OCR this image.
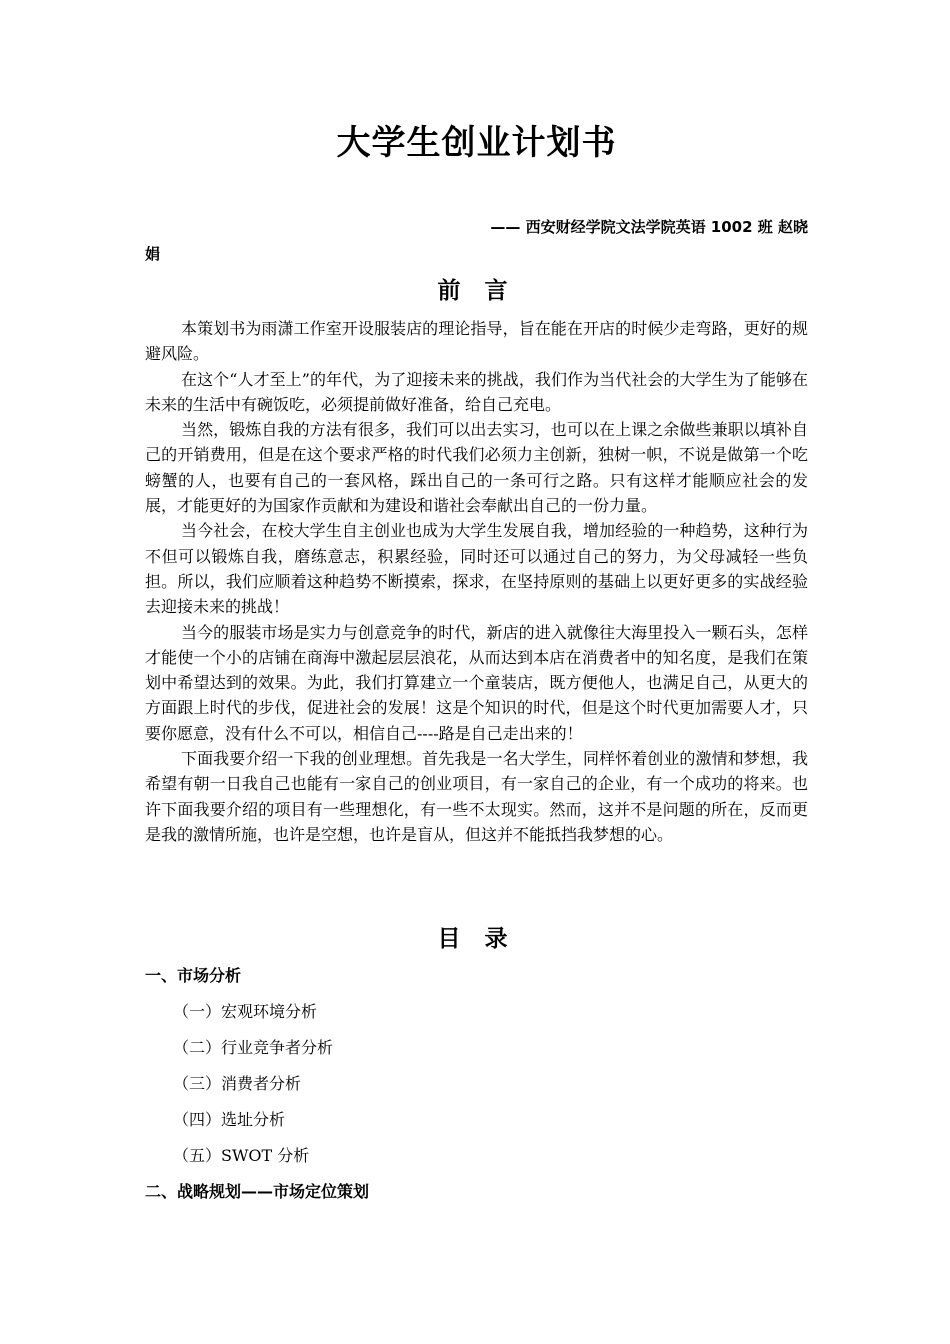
大学生创业计划书
—— 西安财经学院文法学院英语 1002 班 赵晓
娟
前 言

本策划书为雨潇工作室开设服装店的理论指导，旨在能在开店的时候少走弯路，更好的规避风险。

在这个“人才至上”的年代，为了迎接未来的挑战，我们作为当代社会的大学生为了能够在未来的生活中有碗饭吃，必须提前做好准备，给自己充电。

当然，锻炼自我的方法有很多，我们可以出去实习，也可以在上课之余做些兼职以填补自己的开销费用，但是在这个要求严格的时代我们必须力主创新，独树一帜，不说是做第一个吃螃蟹的人，也要有自己的一套风格，踩出自己的一条可行之路。只有这样才能顺应社会的发展，才能更好的为国家作贡献和为建设和谐社会奉献出自己的一份力量。

当今社会，在校大学生自主创业也成为大学生发展自我，增加经验的一种趋势，这种行为不但可以锻炼自我，磨练意志，积累经验，同时还可以通过自己的努力，为父母减轻一些负担。所以，我们应顺着这种趋势不断摸索，探求，在坚持原则的基础上以更好更多的实战经验去迎接未来的挑战！

当今的服装市场是实力与创意竞争的时代，新店的进入就像往大海里投入一颗石头，怎样才能使一个小的店铺在商海中激起层层浪花，从而达到本店在消费者中的知名度，是我们在策划中希望达到的效果。为此，我们打算建立一个童装店，既方便他人，也满足自己，从更大的方面跟上时代的步伐，促进社会的发展！这是个知识的时代，但是这个时代更加需要人才，只要你愿意，没有什么不可以，相信自己----路是自己走出来的！

下面我要介绍一下我的创业理想。首先我是一名大学生，同样怀着创业的激情和梦想，我希望有朝一日我自己也能有一家自己的创业项目，有一家自己的企业，有一个成功的将来。也许下面我要介绍的项目有一些理想化，有一些不太现实。然而，这并不是问题的所在，反而更是我的激情所施，也许是空想，也许是盲从，但这并不能抵挡我梦想的心。

目 录
一、市场分析
（一）宏观环境分析
（二）行业竞争者分析
（三）消费者分析
（四）选址分析
（五）SWOT 分析
二、战略规划——市场定位策划
